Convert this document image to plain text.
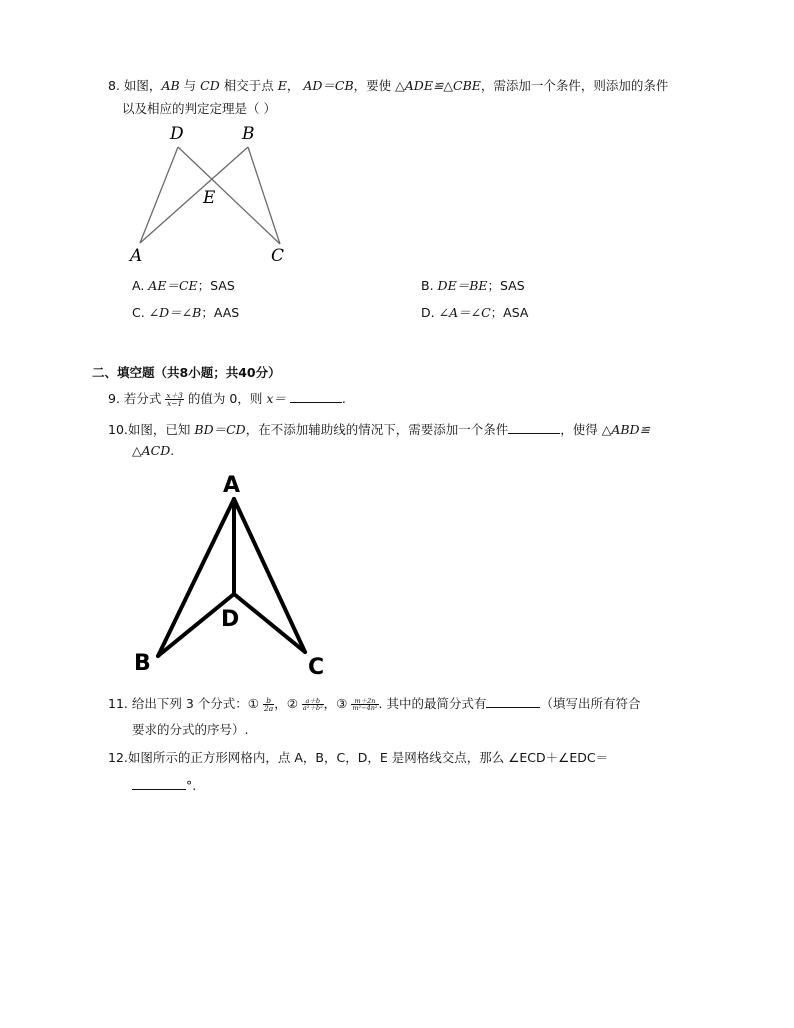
8. 如图，AB 与 CD 相交于点 E， AD＝CB，要使 △ADE≌△CBE，需添加一个条件，则添加的条件
以及相应的判定定理是（ ）
D	B
E
A	C
A. AE＝CE；SAS	B. DE＝BE；SAS
C. ∠D＝∠B；AAS	D. ∠A＝∠C；ASA
二、填空题（共8小题；共40分）
9. 若分式 $\frac{x+3}{x-1}$ 的值为 0，则 x＝	.
10.如图，已知 BD＝CD，在不添加辅助线的情况下，需要添加一个条件	，使得 △ABD≌
△ACD.
A
D
B	C
11. 给出下列 3 个分式：① $\frac{b}{2a}$ ，② $\frac{a+b}{\text{a²＋b²}}$ ，③ $\frac{m+2n}{\text{m²−4n²}}$ . 其中的最简分式有	（填写出所有符合
要求的分式的序号）.
12.如图所示的正方形网格内，点 A，B，C，D，E 是网格线交点，那么 ∠ECD＋∠EDC＝
°.
